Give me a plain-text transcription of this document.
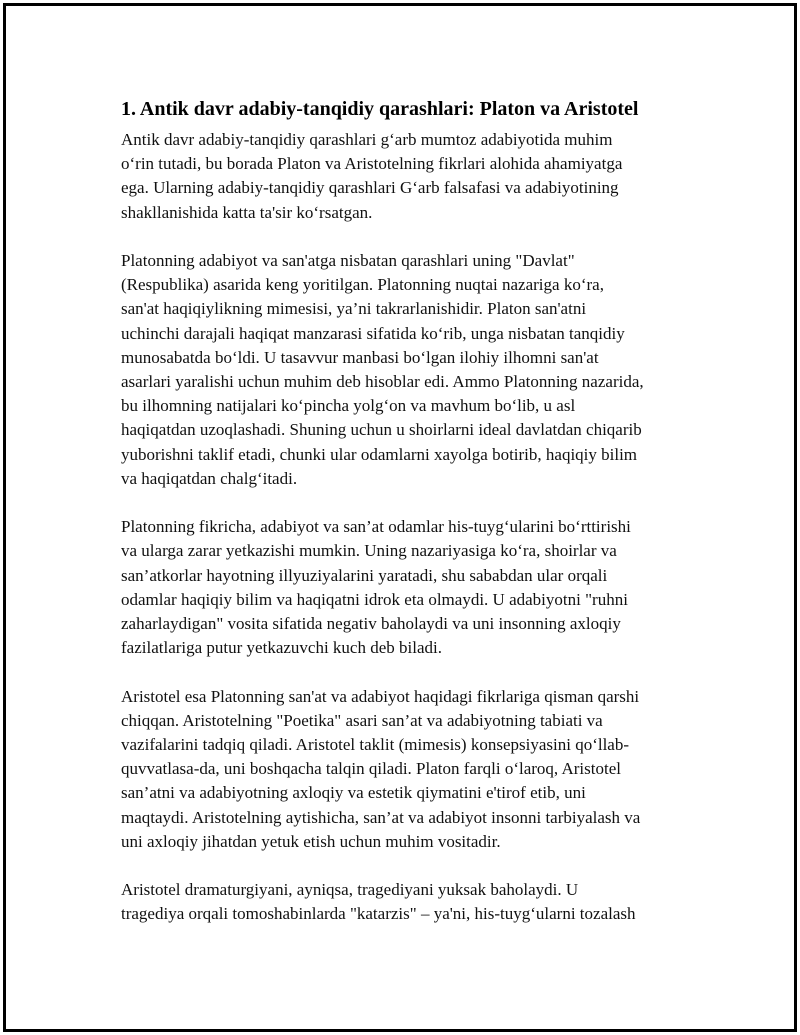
1. Antik davr adabiy-tanqidiy qarashlari: Platon va Aristotel

Antik davr adabiy-tanqidiy qarashlari g‘arb mumtoz adabiyotida muhim
o‘rin tutadi, bu borada Platon va Aristotelning fikrlari alohida ahamiyatga
ega. Ularning adabiy-tanqidiy qarashlari G‘arb falsafasi va adabiyotining
shakllanishida katta ta'sir ko‘rsatgan.

Platonning adabiyot va san'atga nisbatan qarashlari uning "Davlat"
(Respublika) asarida keng yoritilgan. Platonning nuqtai nazariga ko‘ra,
san'at haqiqiylikning mimesisi, ya’ni takrarlanishidir. Platon san'atni
uchinchi darajali haqiqat manzarasi sifatida ko‘rib, unga nisbatan tanqidiy
munosabatda bo‘ldi. U tasavvur manbasi bo‘lgan ilohiy ilhomni san'at
asarlari yaralishi uchun muhim deb hisoblar edi. Ammo Platonning nazarida,
bu ilhomning natijalari ko‘pincha yolg‘on va mavhum bo‘lib, u asl
haqiqatdan uzoqlashadi. Shuning uchun u shoirlarni ideal davlatdan chiqarib
yuborishni taklif etadi, chunki ular odamlarni xayolga botirib, haqiqiy bilim
va haqiqatdan chalg‘itadi.

Platonning fikricha, adabiyot va san’at odamlar his-tuyg‘ularini bo‘rttirishi
va ularga zarar yetkazishi mumkin. Uning nazariyasiga ko‘ra, shoirlar va
san’atkorlar hayotning illyuziyalarini yaratadi, shu sababdan ular orqali
odamlar haqiqiy bilim va haqiqatni idrok eta olmaydi. U adabiyotni "ruhni
zaharlaydigan" vosita sifatida negativ baholaydi va uni insonning axloqiy
fazilatlariga putur yetkazuvchi kuch deb biladi.

Aristotel esa Platonning san'at va adabiyot haqidagi fikrlariga qisman qarshi
chiqqan. Aristotelning "Poetika" asari san’at va adabiyotning tabiati va
vazifalarini tadqiq qiladi. Aristotel taklit (mimesis) konsepsiyasini qo‘llab-
quvvatlasa-da, uni boshqacha talqin qiladi. Platon farqli o‘laroq, Aristotel
san’atni va adabiyotning axloqiy va estetik qiymatini e'tirof etib, uni
maqtaydi. Aristotelning aytishicha, san’at va adabiyot insonni tarbiyalash va
uni axloqiy jihatdan yetuk etish uchun muhim vositadir.

Aristotel dramaturgiyani, ayniqsa, tragediyani yuksak baholaydi. U
tragediya orqali tomoshabinlarda "katarzis" – ya'ni, his-tuyg‘ularni tozalash
